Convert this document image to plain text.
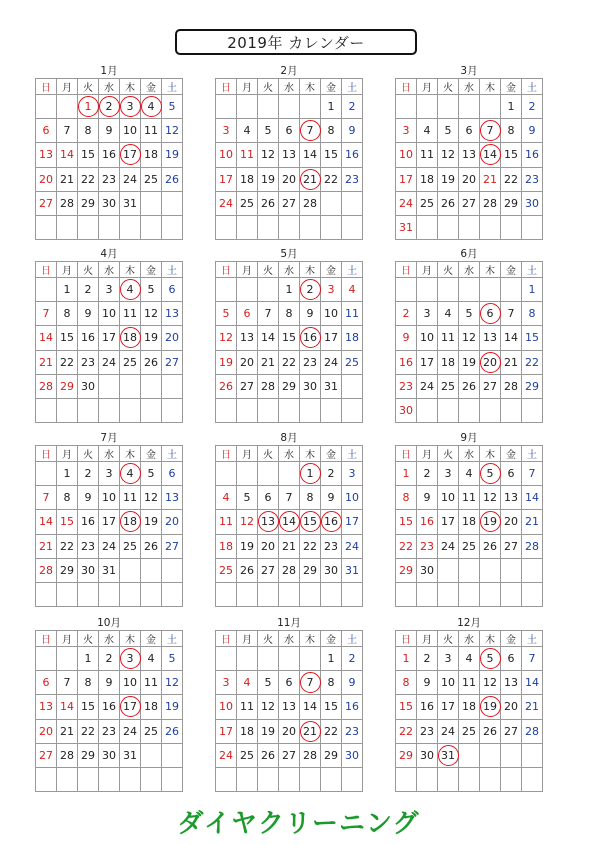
2019年 カレンダー
1月
日	月	火	水	木	金	土
		1	2	3	4	5
6	7	8	9	10	11	12
13	14	15	16	17	18	19
20	21	22	23	24	25	26
27	28	29	30	31		

2月
日	月	火	水	木	金	土
					1	2
3	4	5	6	7	8	9
10	11	12	13	14	15	16
17	18	19	20	21	22	23
24	25	26	27	28		

3月
日	月	火	水	木	金	土
					1	2
3	4	5	6	7	8	9
10	11	12	13	14	15	16
17	18	19	20	21	22	23
24	25	26	27	28	29	30
31						
4月
日	月	火	水	木	金	土
	1	2	3	4	5	6
7	8	9	10	11	12	13
14	15	16	17	18	19	20
21	22	23	24	25	26	27
28	29	30				

5月
日	月	火	水	木	金	土
			1	2	3	4
5	6	7	8	9	10	11
12	13	14	15	16	17	18
19	20	21	22	23	24	25
26	27	28	29	30	31	

6月
日	月	火	水	木	金	土
						1
2	3	4	5	6	7	8
9	10	11	12	13	14	15
16	17	18	19	20	21	22
23	24	25	26	27	28	29
30						
7月
日	月	火	水	木	金	土
	1	2	3	4	5	6
7	8	9	10	11	12	13
14	15	16	17	18	19	20
21	22	23	24	25	26	27
28	29	30	31			

8月
日	月	火	水	木	金	土
				1	2	3
4	5	6	7	8	9	10
11	12	13	14	15	16	17
18	19	20	21	22	23	24
25	26	27	28	29	30	31

9月
日	月	火	水	木	金	土
1	2	3	4	5	6	7
8	9	10	11	12	13	14
15	16	17	18	19	20	21
22	23	24	25	26	27	28
29	30					

10月
日	月	火	水	木	金	土
		1	2	3	4	5
6	7	8	9	10	11	12
13	14	15	16	17	18	19
20	21	22	23	24	25	26
27	28	29	30	31		

11月
日	月	火	水	木	金	土
					1	2
3	4	5	6	7	8	9
10	11	12	13	14	15	16
17	18	19	20	21	22	23
24	25	26	27	28	29	30

12月
日	月	火	水	木	金	土
1	2	3	4	5	6	7
8	9	10	11	12	13	14
15	16	17	18	19	20	21
22	23	24	25	26	27	28
29	30	31				

ダイヤクリーニング
